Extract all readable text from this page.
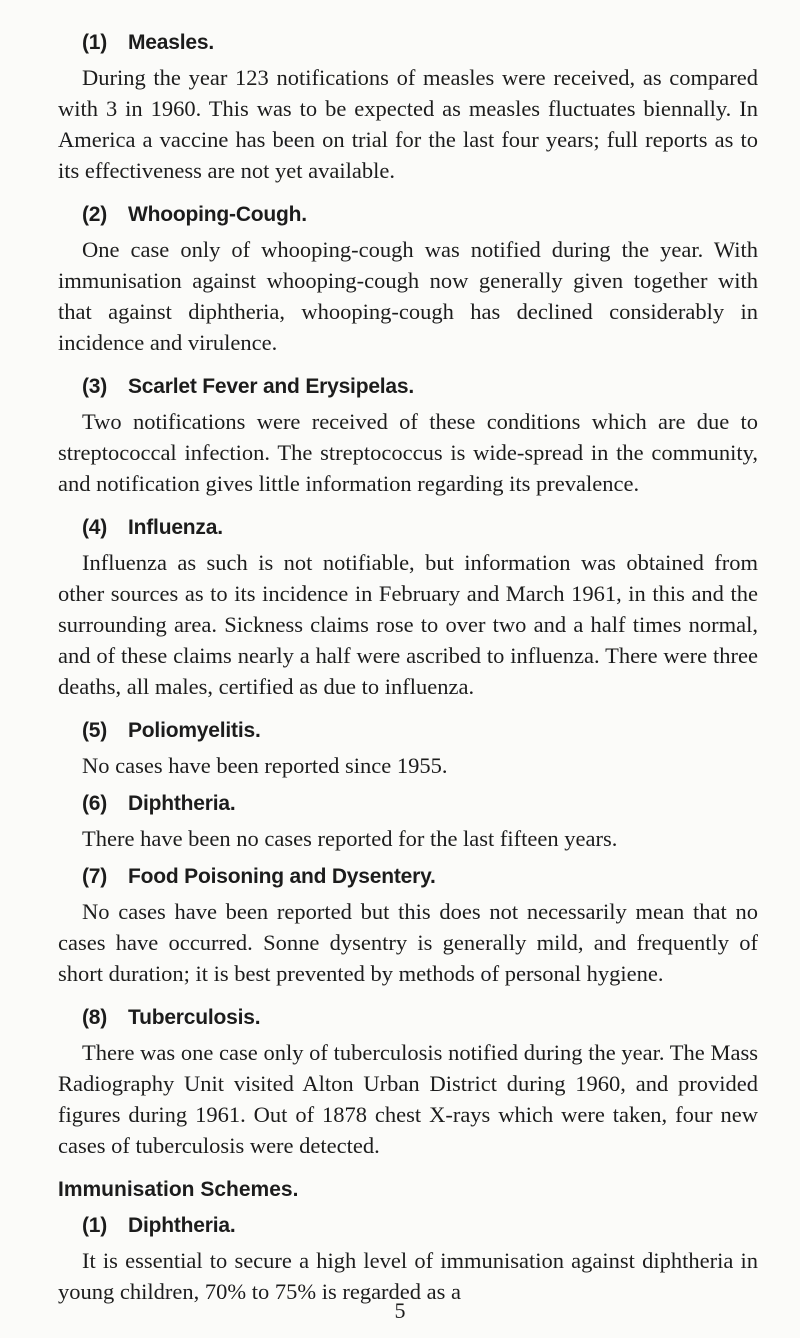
(1) Measles.

During the year 123 notifications of measles were received, as compared with 3 in 1960. This was to be expected as measles fluctuates biennally. In America a vaccine has been on trial for the last four years; full reports as to its effectiveness are not yet available.

(2) Whooping-Cough.

One case only of whooping-cough was notified during the year. With immunisation against whooping-cough now generally given together with that against diphtheria, whooping-cough has declined considerably in incidence and virulence.

(3) Scarlet Fever and Erysipelas.

Two notifications were received of these conditions which are due to streptococcal infection. The streptococcus is wide-spread in the community, and notification gives little information regarding its prevalence.

(4) Influenza.

Influenza as such is not notifiable, but information was obtained from other sources as to its incidence in February and March 1961, in this and the surrounding area. Sickness claims rose to over two and a half times normal, and of these claims nearly a half were ascribed to influenza. There were three deaths, all males, certified as due to influenza.

(5) Poliomyelitis.

No cases have been reported since 1955.

(6) Diphtheria.

There have been no cases reported for the last fifteen years.

(7) Food Poisoning and Dysentery.

No cases have been reported but this does not necessarily mean that no cases have occurred. Sonne dysentry is generally mild, and frequently of short duration; it is best prevented by methods of personal hygiene.

(8) Tuberculosis.

There was one case only of tuberculosis notified during the year. The Mass Radiography Unit visited Alton Urban District during 1960, and provided figures during 1961. Out of 1878 chest X-rays which were taken, four new cases of tuberculosis were detected.

Immunisation Schemes.
(1) Diphtheria.

It is essential to secure a high level of immunisation against diphtheria in young children, 70% to 75% is regarded as a

5
